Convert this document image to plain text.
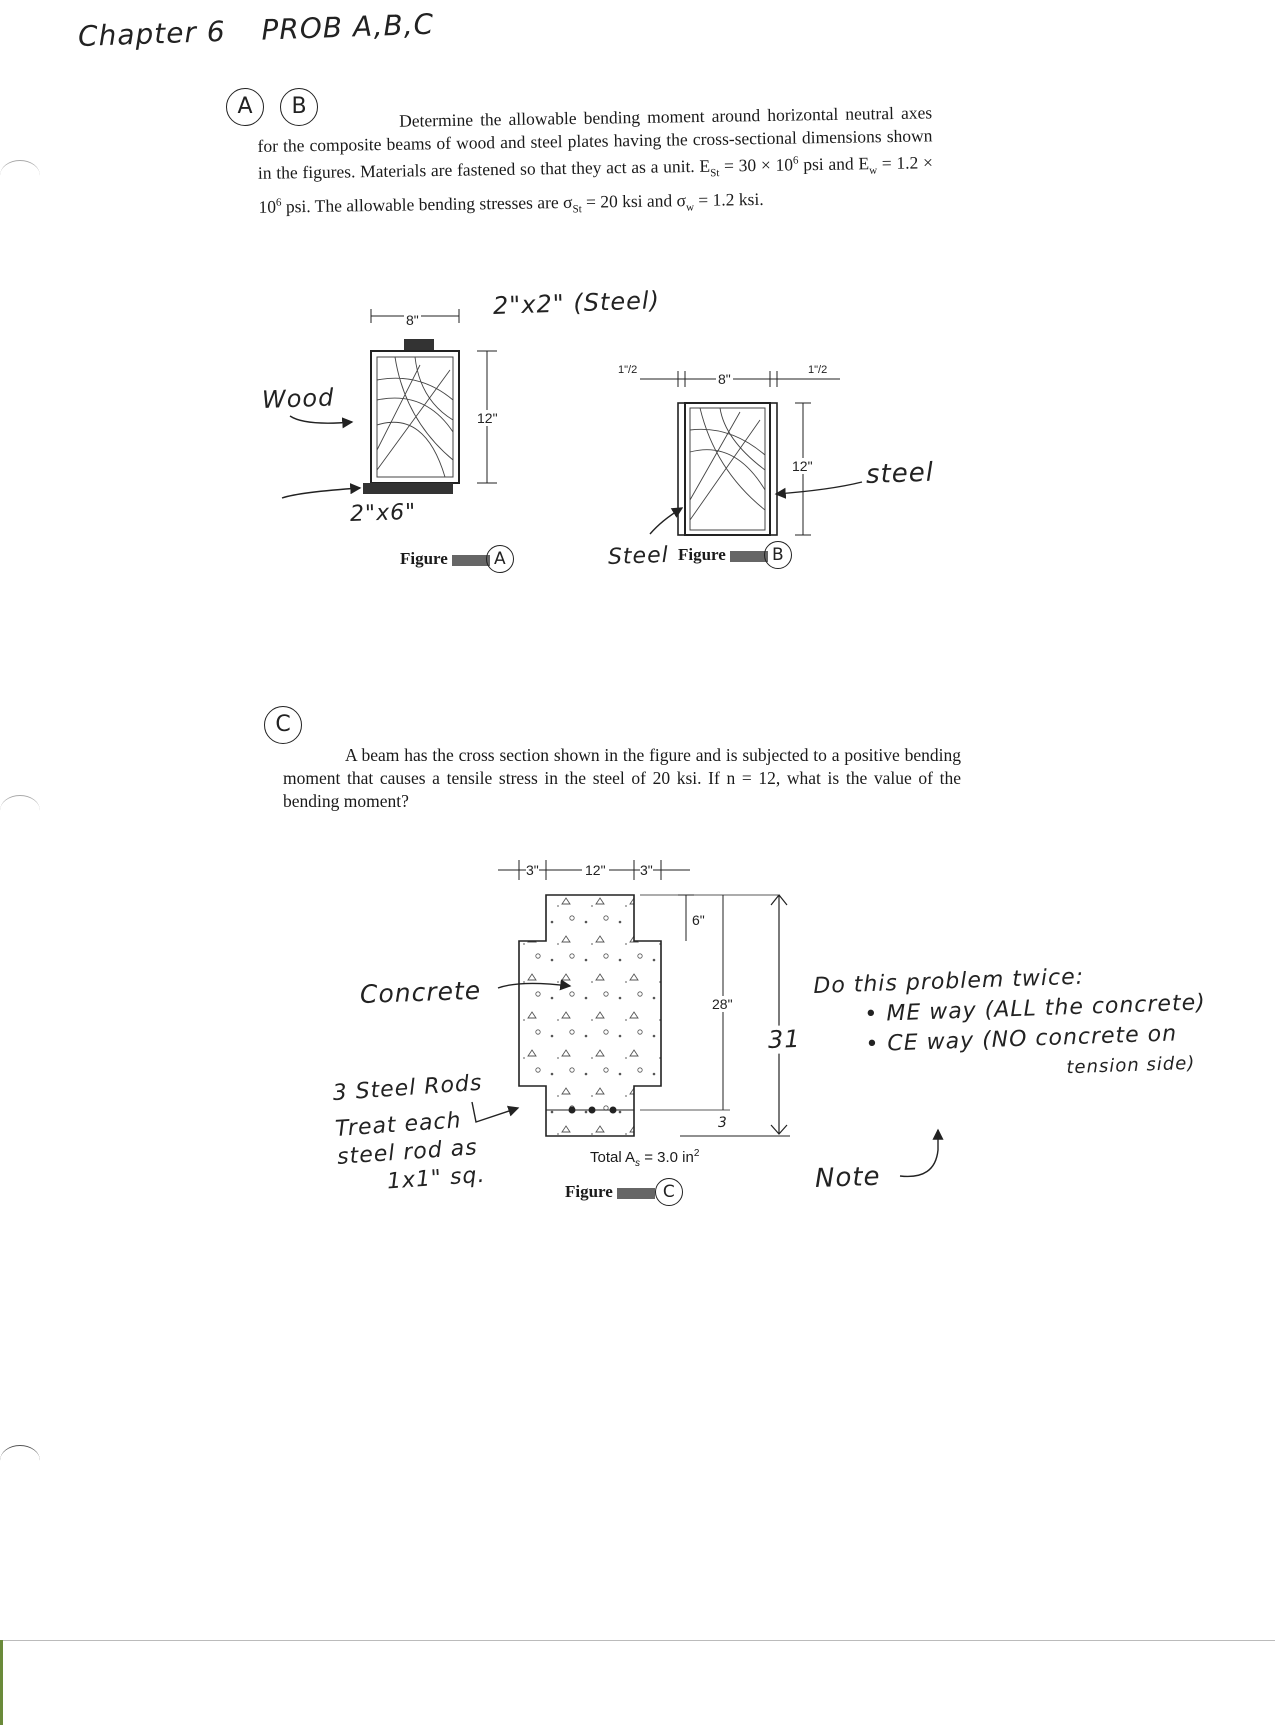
Chapter 6 PROB A,B,C
A B	Determine the allowable bending moment around horizontal neutral axes for the composite beams of wood and steel plates having the cross-sectional dimensions shown in the figures. Materials are fastened so that they act as a unit. $E_{St} = 30 \times 10^6$ psi and $E_w = 1.2 \times 10^6$ psi. The allowable bending stresses are $\sigma_{St} = 20$ ksi and $\sigma_w = 1.2$ ksi.
2"x2" (Steel)
8"
12"
Wood
2"x6"
Figure	A
1"/2
8"
1"/2
12" steel
Steel Figure	B
C
A beam has the cross section shown in the figure and is subjected to a positive bending moment that causes a tensile stress in the steel of 20 ksi. If n = 12, what is the value of the bending moment?
3"	12" 3"
6"
28"
31
3
Concrete
3 Steel Rods
Treat each
steel rod as
1x1" sq.
Total $A_s = 3.0$ $in^2$
Figure	C
Do this problem twice:
• ME way (ALL the concrete)
• CE way (NO concrete on
tension side)
Note
